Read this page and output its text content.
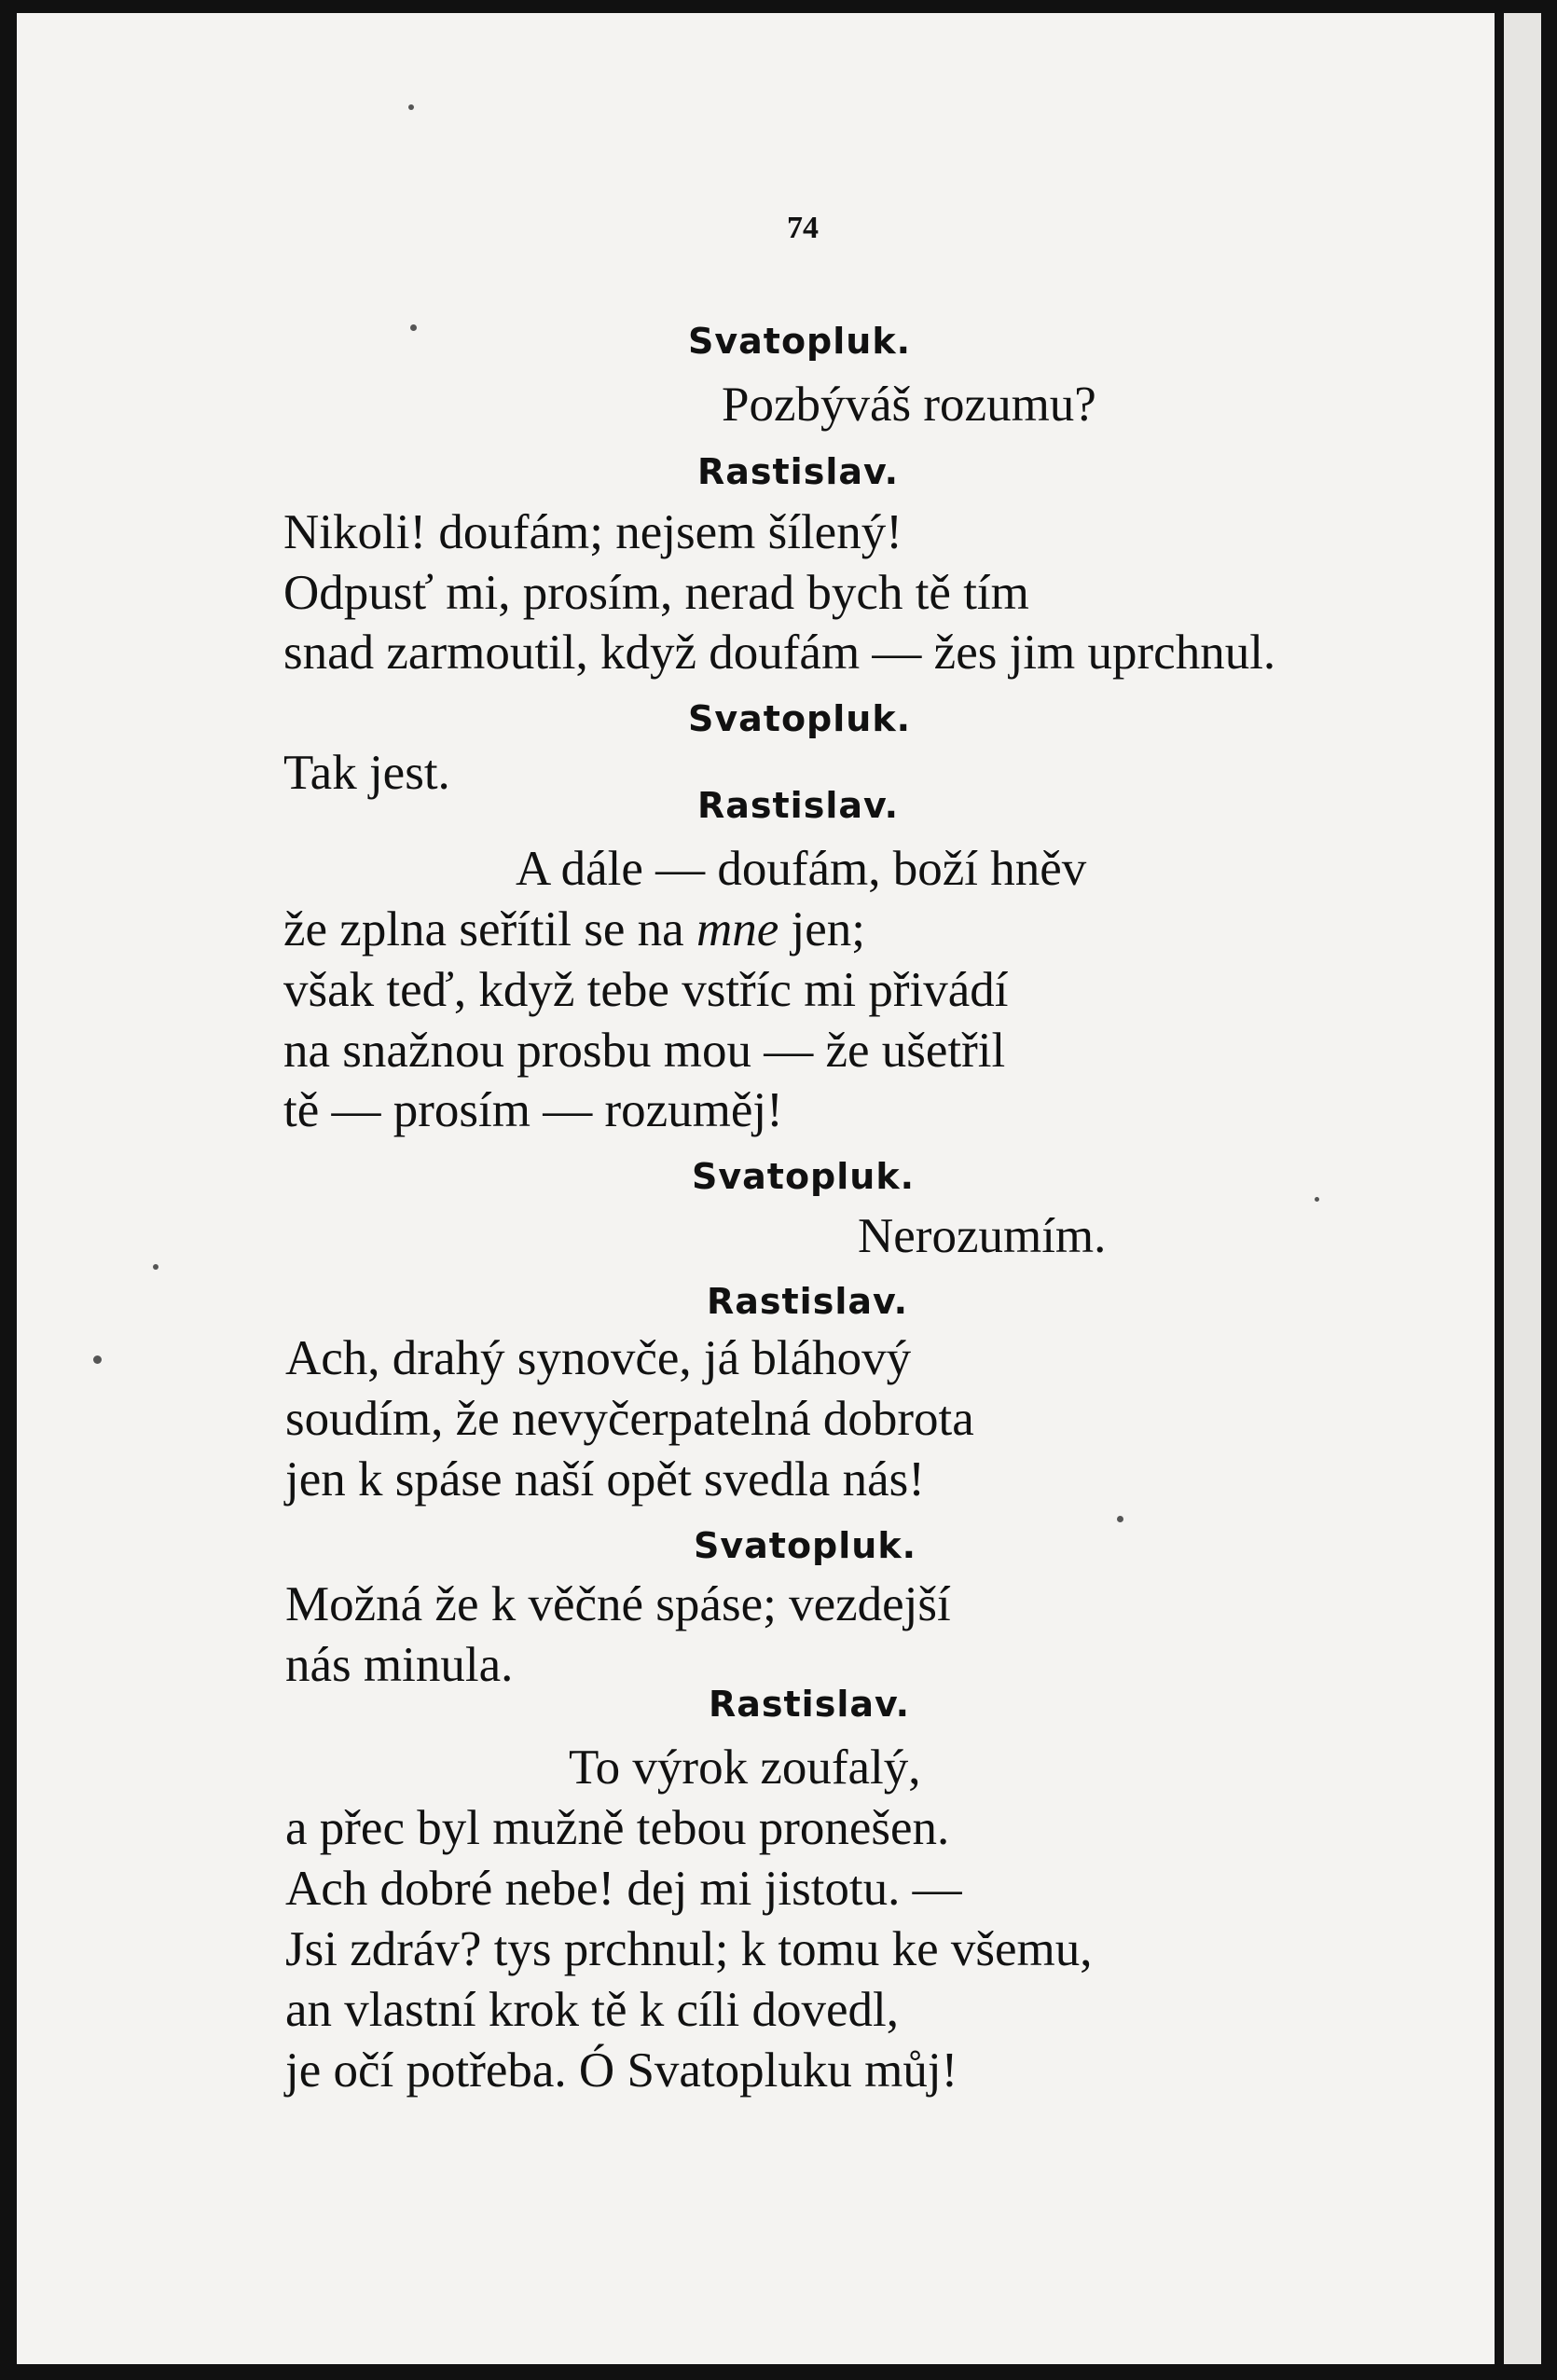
74
Svatopluk.
Pozbýváš rozumu?
Rastislav.
Nikoli! doufám; nejsem šílený!
Odpusť mi, prosím, nerad bych tě tím
snad zarmoutil, když doufám — žes jim uprchnul.
Svatopluk.
Tak jest.
Rastislav.
A dále — doufám, boží hněv
že zplna seřítil se na mne jen;
však teď, když tebe vstříc mi přivádí
na snažnou prosbu mou — že ušetřil
tě — prosím — rozuměj!
Svatopluk.
Nerozumím.
Rastislav.
Ach, drahý synovče, já bláhový
soudím, že nevyčerpatelná dobrota
jen k spáse naší opět svedla nás!
Svatopluk.
Možná že k věčné spáse; vezdejší
nás minula.
Rastislav.
To výrok zoufalý,
a přec byl mužně tebou pronešen.
Ach dobré nebe! dej mi jistotu. —
Jsi zdráv? tys prchnul; k tomu ke všemu,
an vlastní krok tě k cíli dovedl,
je očí potřeba. Ó Svatopluku můj!
